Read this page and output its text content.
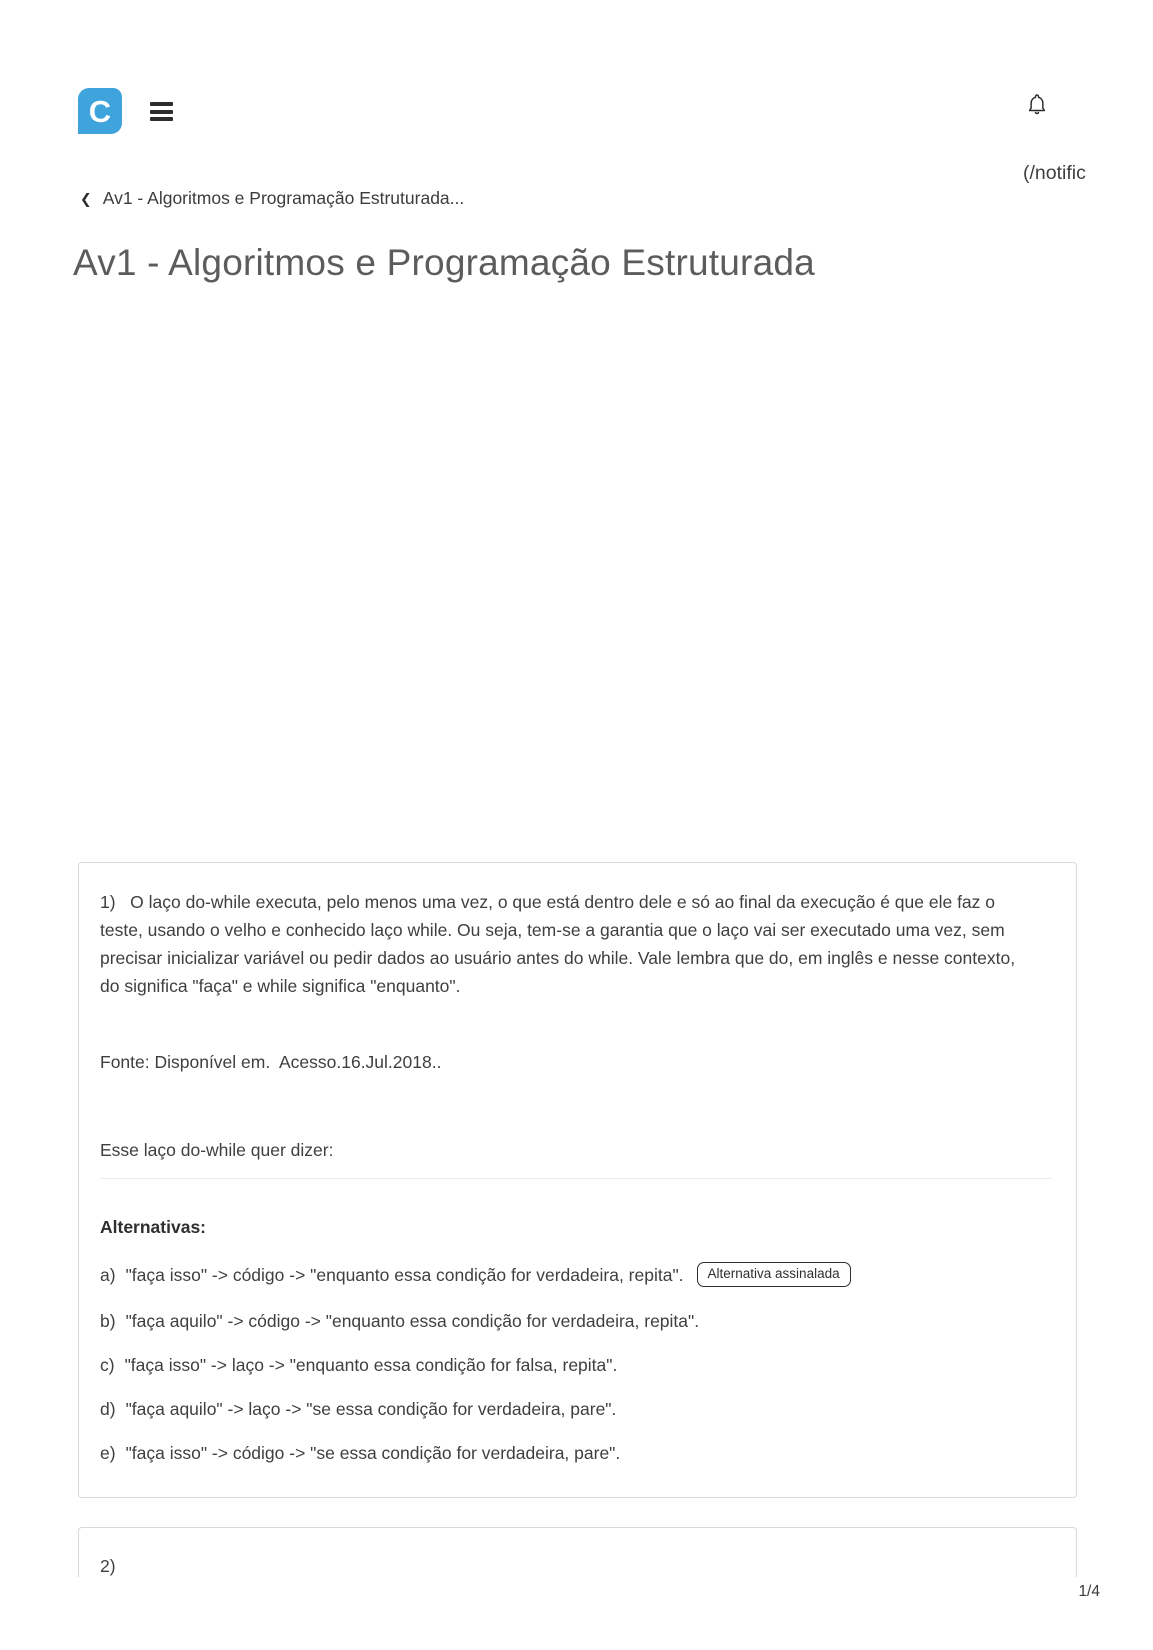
C
(/notific
❮ Av1 - Algoritmos e Programação Estruturada...
Av1 - Algoritmos e Programação Estruturada

1)   O laço do-while executa, pelo menos uma vez, o que está dentro dele e só ao final da execução é que ele faz o teste, usando o velho e conhecido laço while. Ou seja, tem-se a garantia que o laço vai ser executado uma vez, sem precisar inicializar variável ou pedir dados ao usuário antes do while. Vale lembra que do, em inglês e nesse contexto, do significa "faça" e while significa "enquanto".

Fonte: Disponível em.  Acesso.16.Jul.2018..

Esse laço do-while quer dizer:

Alternativas:

a) "faça isso" -> código -> "enquanto essa condição for verdadeira, repita". Alternativa assinalada
b) "faça aquilo" -> código -> "enquanto essa condição for verdadeira, repita".
c) "faça isso" -> laço -> "enquanto essa condição for falsa, repita".
d) "faça aquilo" -> laço -> "se essa condição for verdadeira, pare".
e) "faça isso" -> código -> "se essa condição for verdadeira, pare".

2)

1/4
